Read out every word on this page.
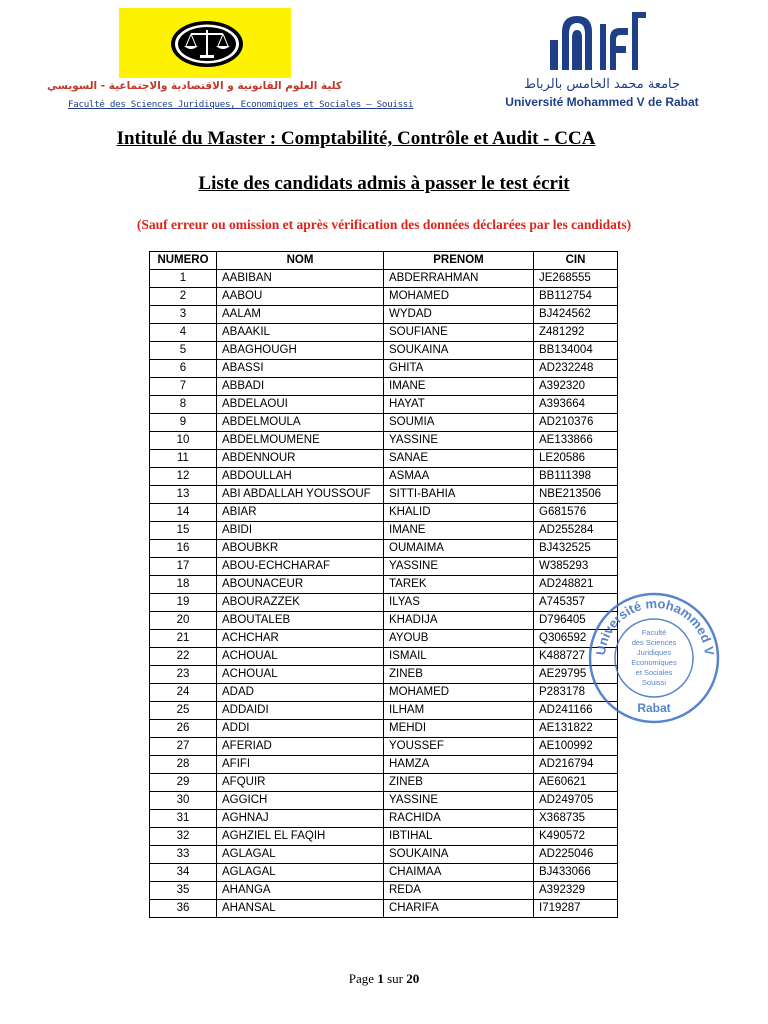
كلية العلوم القانونية و الاقتصادية والاجتماعية - السويسي
Faculté des Sciences Juridiques, Economiques et Sociales — Souissi
جامعة محمد الخامس بالرباط
Université Mohammed V de Rabat
Intitulé du Master : Comptabilité, Contrôle et Audit - CCA
Liste des candidats admis à passer le test écrit
(Sauf erreur ou omission et après vérification des données déclarées par les candidats)
NUMERO	NOM	PRENOM	CIN
1	AABIBAN	ABDERRAHMAN	JE268555
2	AABOU	MOHAMED	BB112754
3	AALAM	WYDAD	BJ424562
4	ABAAKIL	SOUFIANE	Z481292
5	ABAGHOUGH	SOUKAINA	BB134004
6	ABASSI	GHITA	AD232248
7	ABBADI	IMANE	A392320
8	ABDELAOUI	HAYAT	A393664
9	ABDELMOULA	SOUMIA	AD210376
10	ABDELMOUMENE	YASSINE	AE133866
11	ABDENNOUR	SANAE	LE20586
12	ABDOULLAH	ASMAA	BB111398
13	ABI ABDALLAH YOUSSOUF	SITTI-BAHIA	NBE213506
14	ABIAR	KHALID	G681576
15	ABIDI	IMANE	AD255284
16	ABOUBKR	OUMAIMA	BJ432525
17	ABOU-ECHCHARAF	YASSINE	W385293
18	ABOUNACEUR	TAREK	AD248821
19	ABOURAZZEK	ILYAS	A745357
20	ABOUTALEB	KHADIJA	D796405
21	ACHCHAR	AYOUB	Q306592
22	ACHOUAL	ISMAIL	K488727
23	ACHOUAL	ZINEB	AE29795
24	ADAD	MOHAMED	P283178
25	ADDAIDI	ILHAM	AD241166
26	ADDI	MEHDI	AE131822
27	AFERIAD	YOUSSEF	AE100992
28	AFIFI	HAMZA	AD216794
29	AFQUIR	ZINEB	AE60621
30	AGGICH	YASSINE	AD249705
31	AGHNAJ	RACHIDA	X368735
32	AGHZIEL EL FAQIH	IBTIHAL	K490572
33	AGLAGAL	SOUKAINA	AD225046
34	AGLAGAL	CHAIMAA	BJ433066
35	AHANGA	REDA	A392329
36	AHANSAL	CHARIFA	I719287
Université mohammed V
Faculté
des Sciences
Juridiques
Economiques
et Sociales
Souissi
Rabat
Page 1 sur 20
